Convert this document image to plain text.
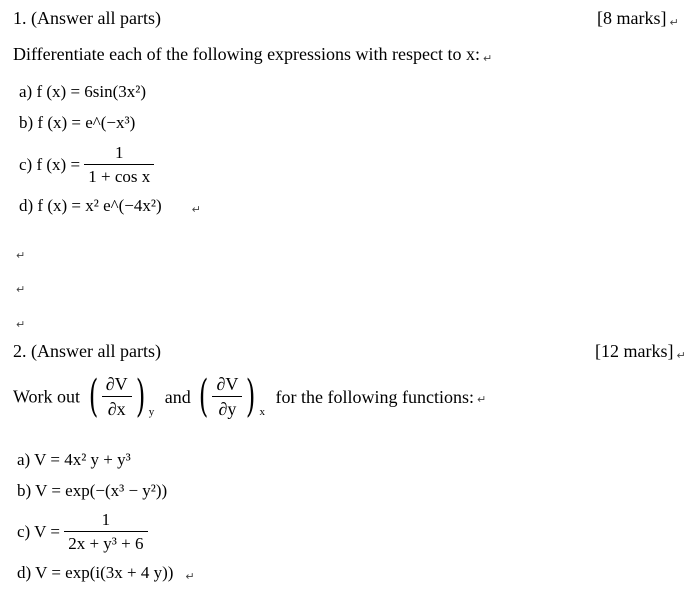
1. (Answer all parts)	[8 marks] ↵
Differentiate each of the following expressions with respect to x: ↵
a) f (x) = 6sin(3x²)
b) f (x) = e^(−x³)
c) f $(x) = \frac{1}{\text{1 + cos x}}$
d) f (x) = x² e^(−4x²)	↵
↵
↵
↵
2. (Answer all parts)	[12 marks] ↵
Work out ( $\frac{\partial V}{\partial x}$ ) $_y$ and ( $\frac{\partial V}{\partial y}$ ) $_x$ for the following functions: ↵
a) V = 4x² y + y³
b) V = exp(−(x³ − y²))
c) $V = \frac{1}{\text{2x + y³ + 6}}$
d) V = exp(i(3x + 4 y)) ↵
